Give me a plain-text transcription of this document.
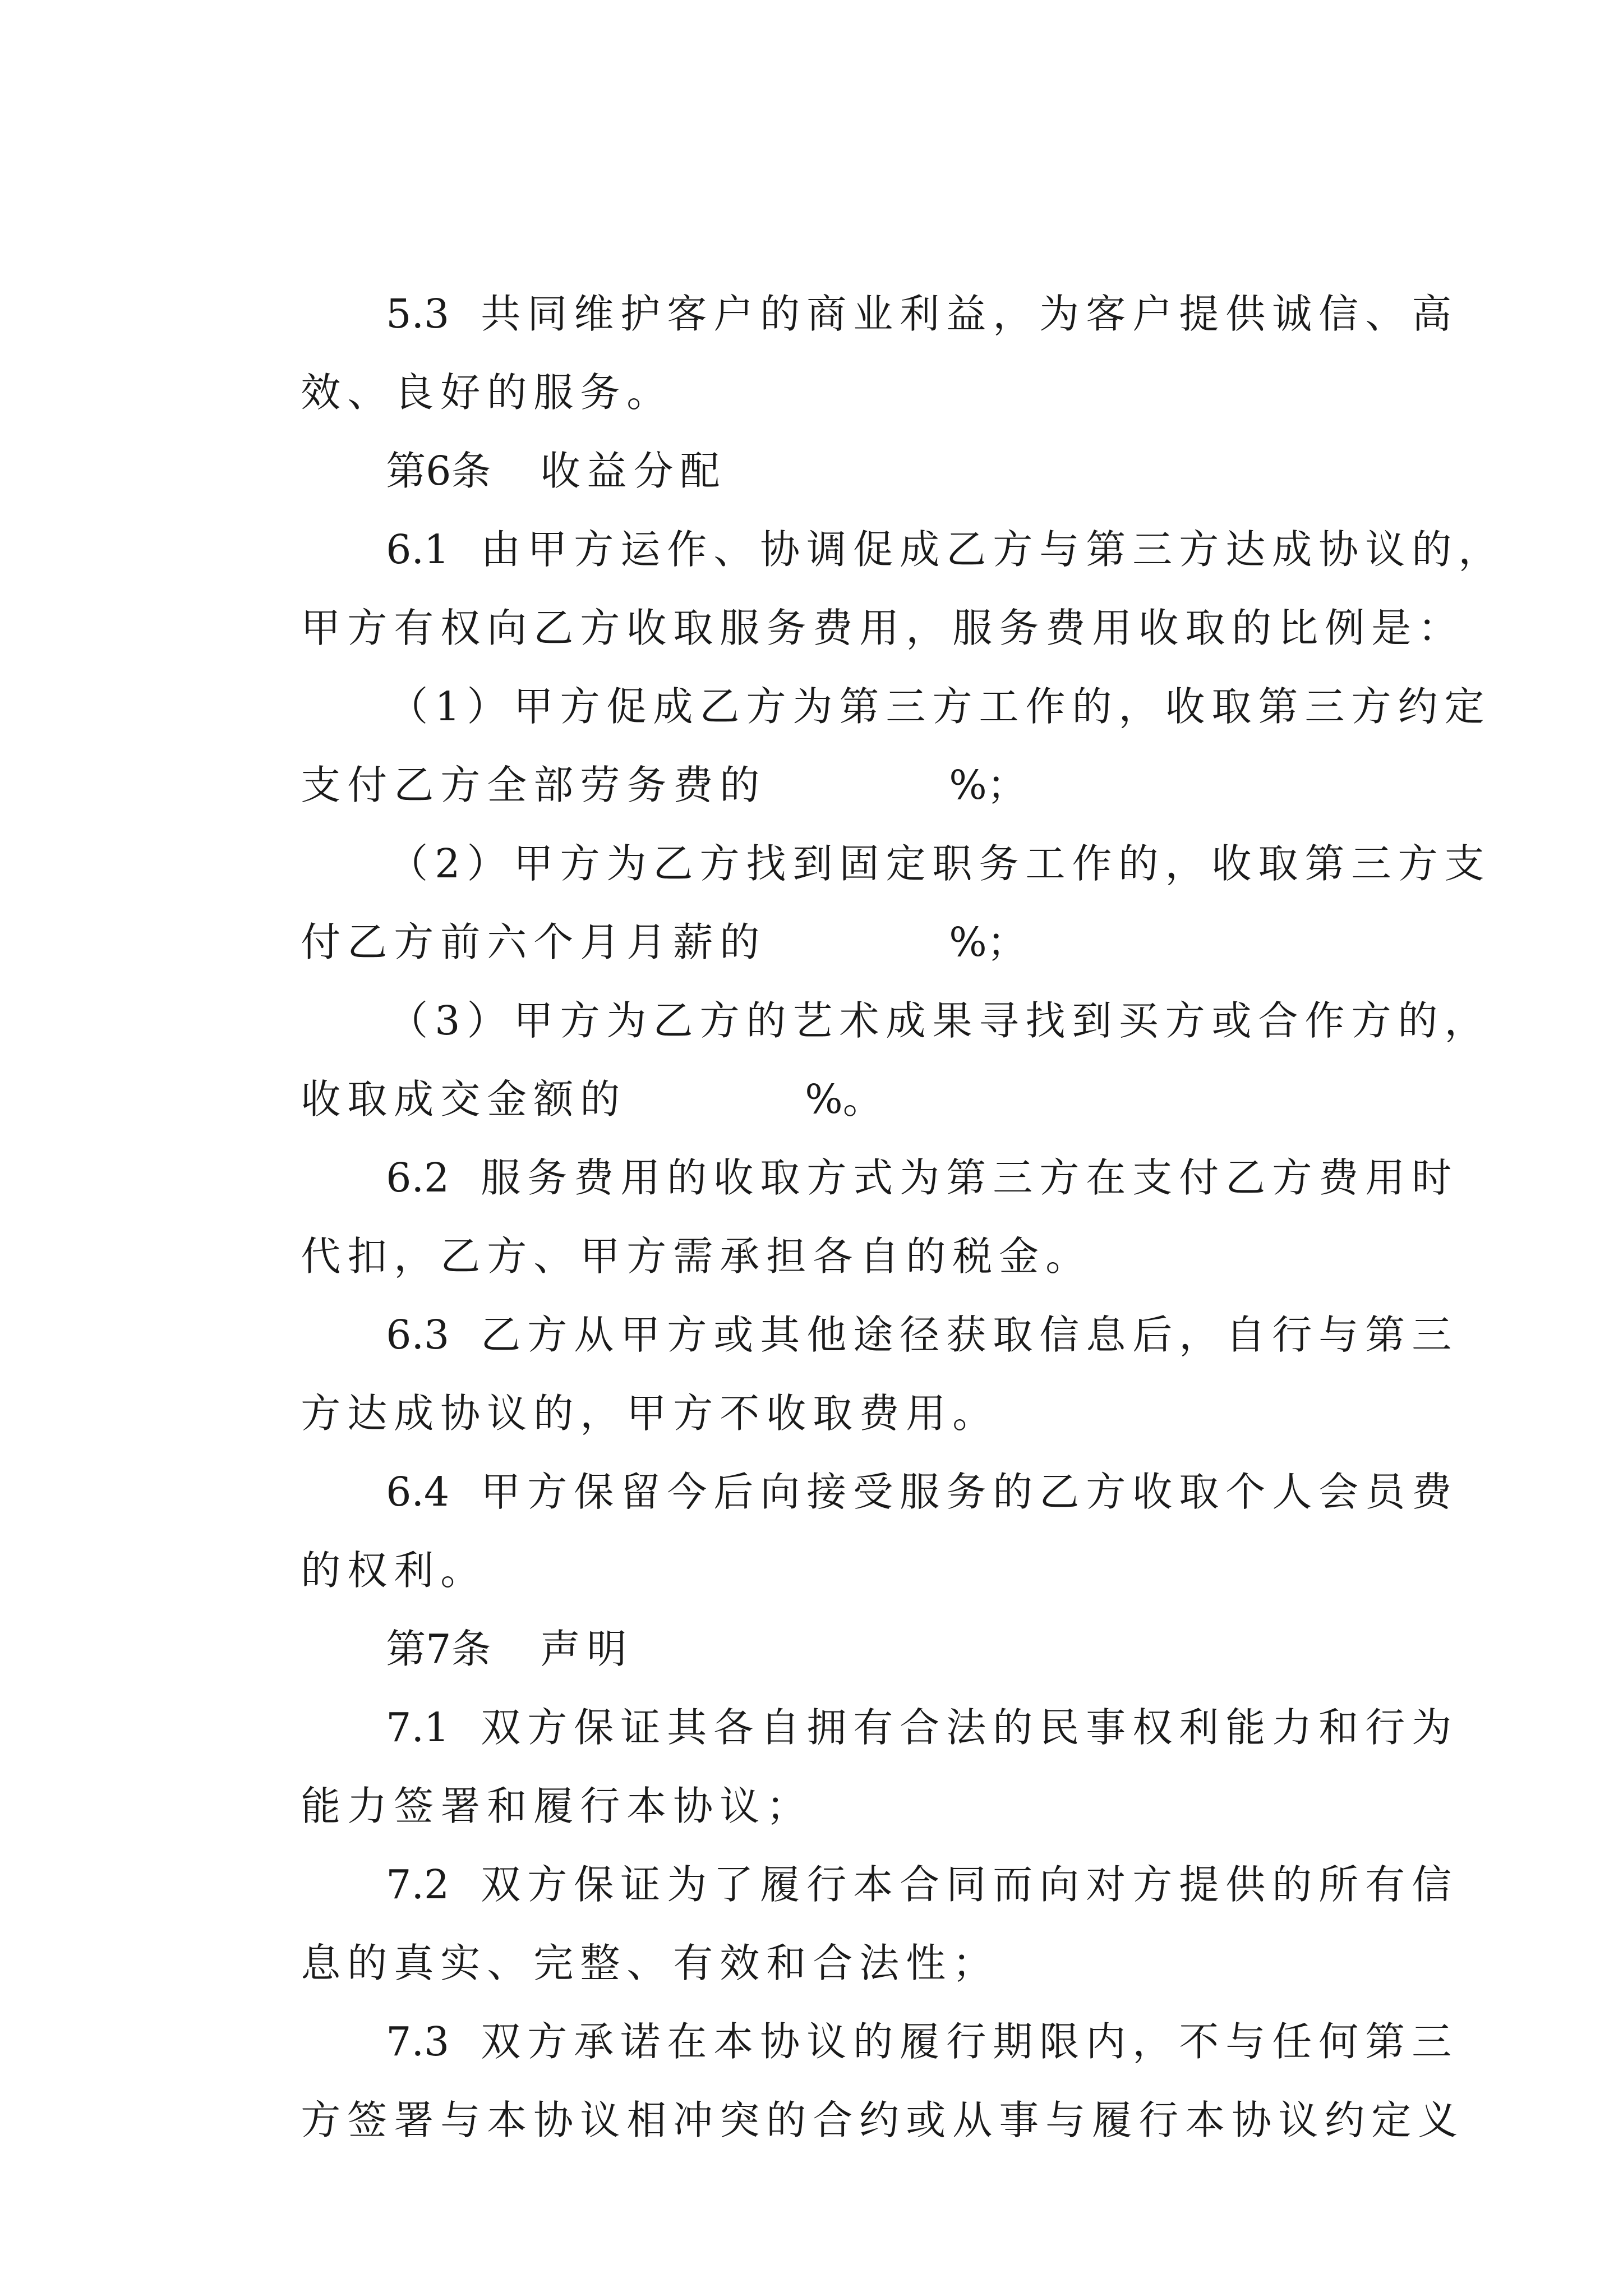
5.3 共同维护客户的商业利益，为客户提供诚信、高

效、良好的服务。

第6条 收益分配

6.1 由甲方运作、协调促成乙方与第三方达成协议的，

甲方有权向乙方收取服务费用，服务费用收取的比例是：

（1）甲方促成乙方为第三方工作的，收取第三方约定

支付乙方全部劳务费的	%；

（2）甲方为乙方找到固定职务工作的，收取第三方支

付乙方前六个月月薪的	%；

（3）甲方为乙方的艺术成果寻找到买方或合作方的，

收取成交金额的	%。

6.2 服务费用的收取方式为第三方在支付乙方费用时

代扣，乙方、甲方需承担各自的税金。

6.3 乙方从甲方或其他途径获取信息后，自行与第三

方达成协议的，甲方不收取费用。

6.4 甲方保留今后向接受服务的乙方收取个人会员费

的权利。

第7条 声明

7.1 双方保证其各自拥有合法的民事权利能力和行为

能力签署和履行本协议；

7.2 双方保证为了履行本合同而向对方提供的所有信

息的真实、完整、有效和合法性；

7.3 双方承诺在本协议的履行期限内，不与任何第三

方签署与本协议相冲突的合约或从事与履行本协议约定义
